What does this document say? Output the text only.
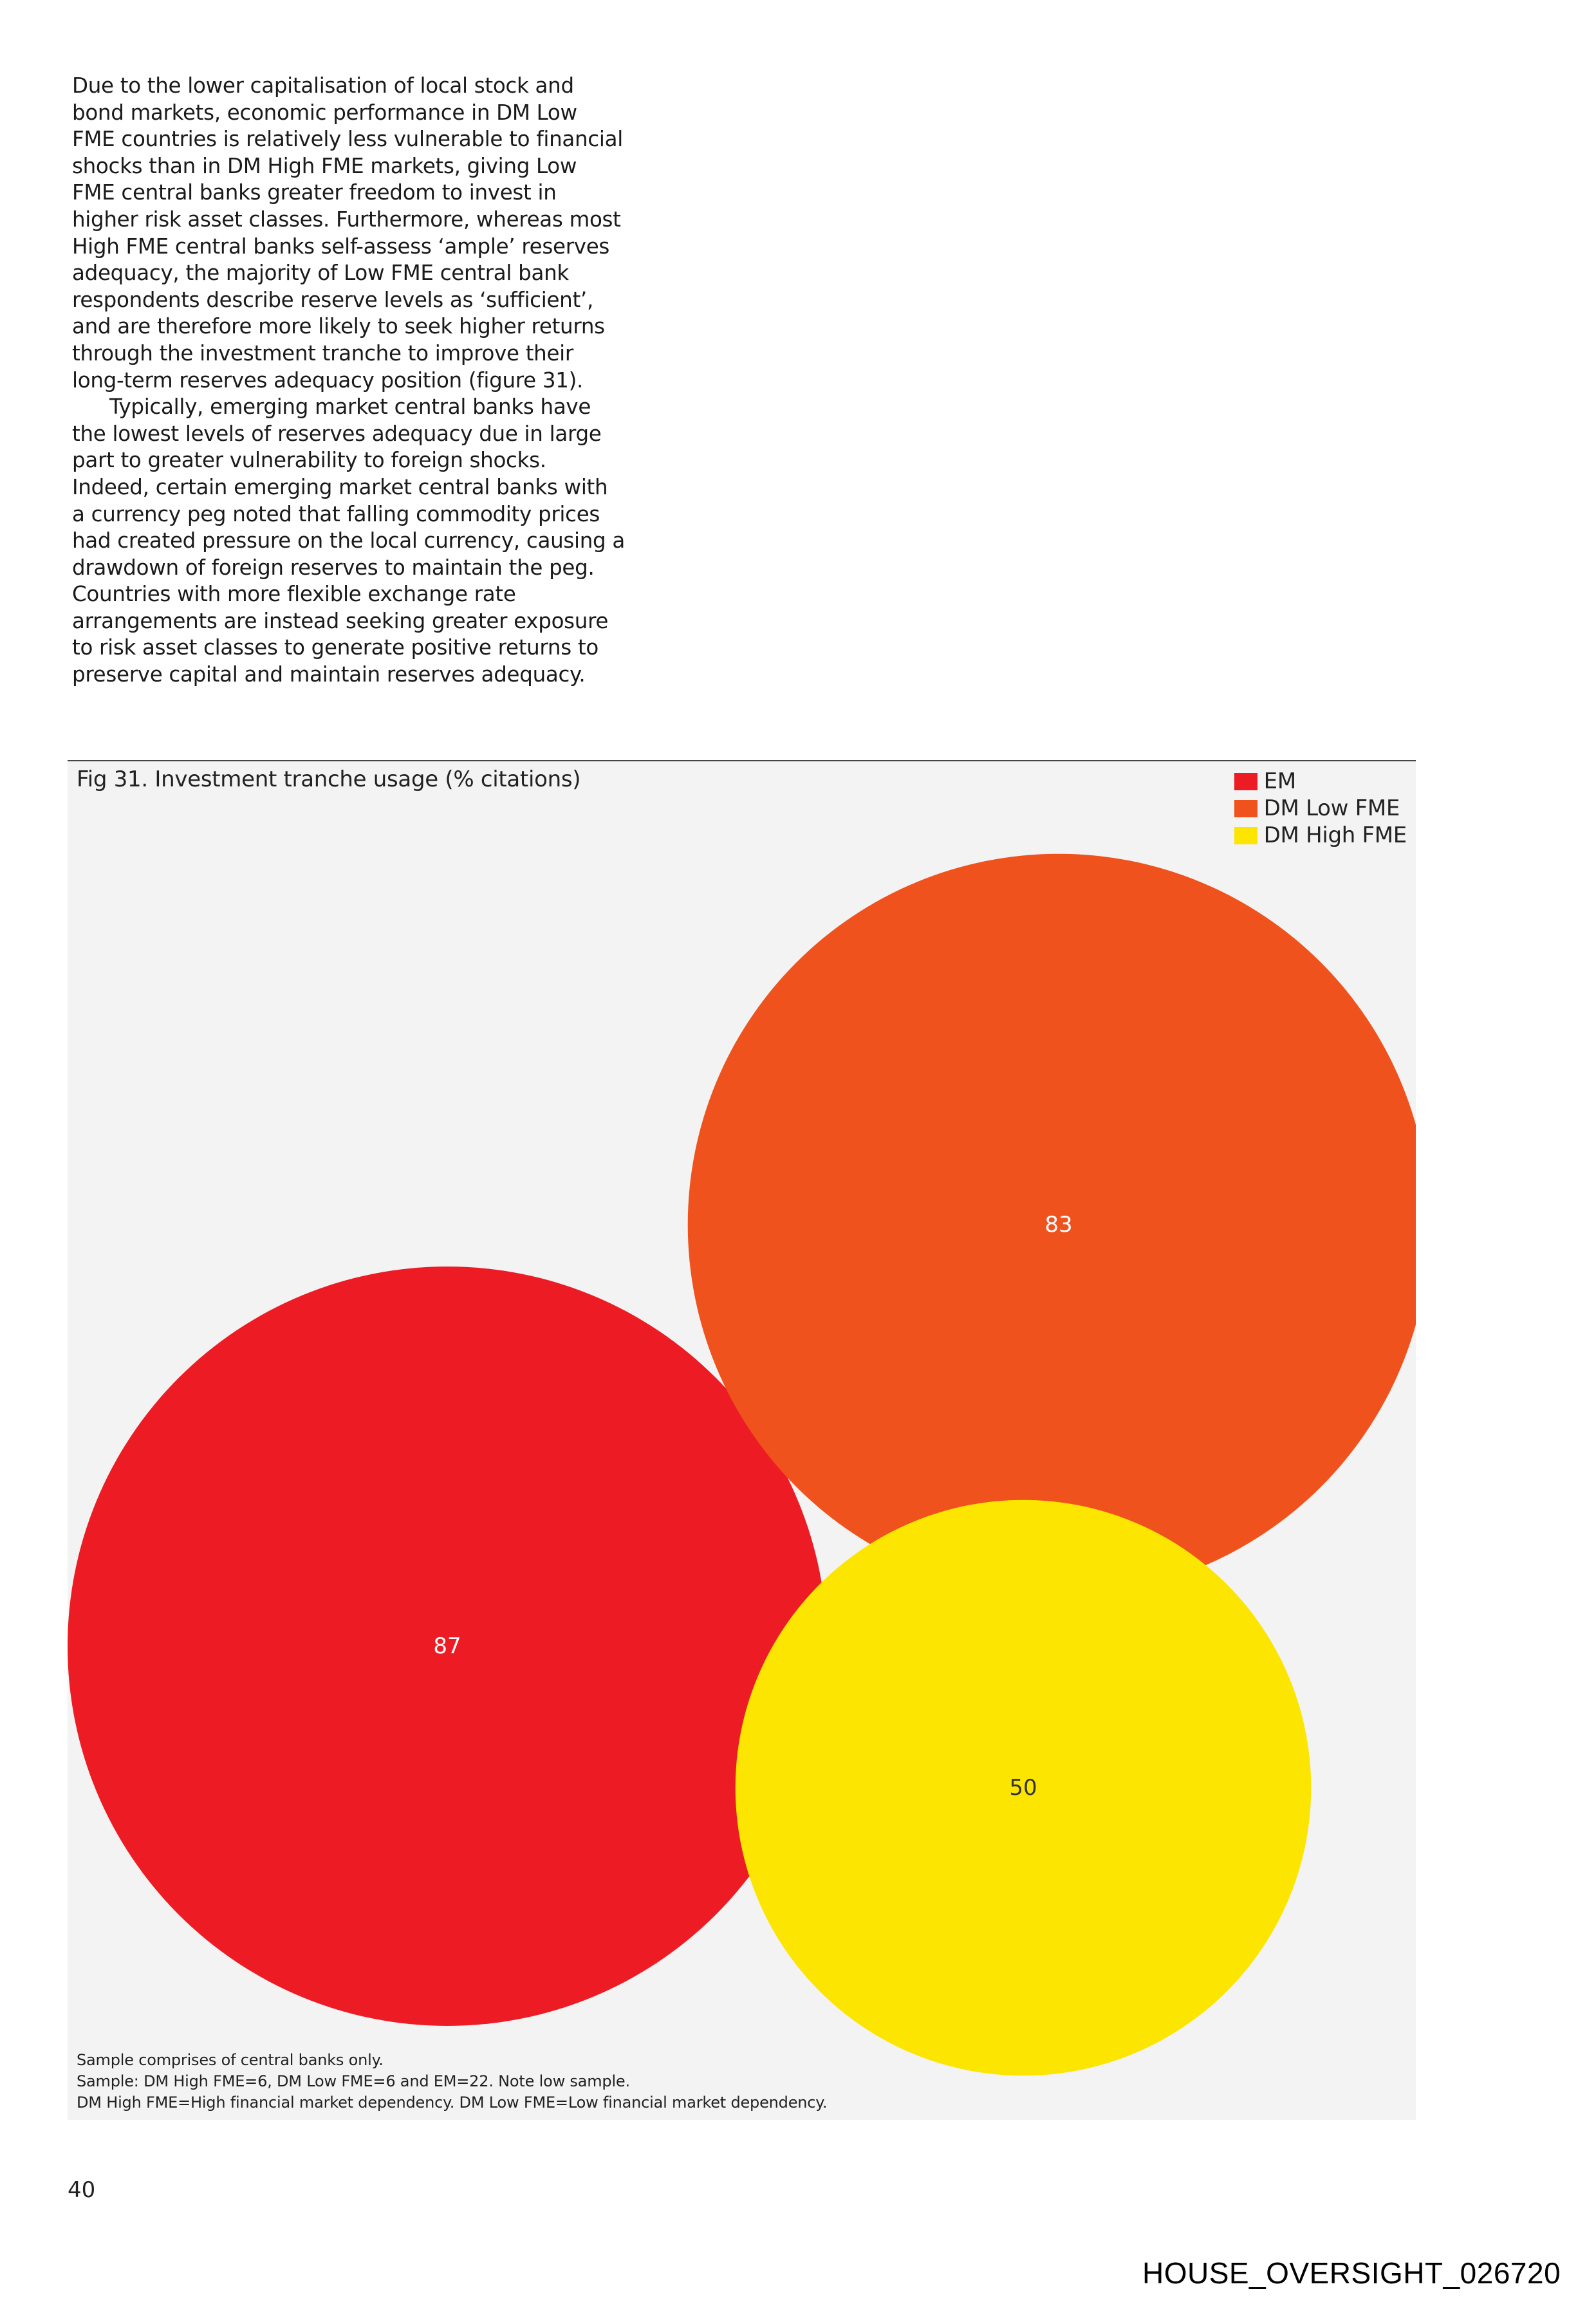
Due to the lower capitalisation of local stock and bond markets, economic performance in DM Low FME countries is relatively less vulnerable to financial shocks than in DM High FME markets, giving Low FME central banks greater freedom to invest in higher risk asset classes. Furthermore, whereas most High FME central banks self-assess ‘ample’ reserves adequacy, the majority of Low FME central bank respondents describe reserve levels as ‘sufficient’, and are therefore more likely to seek higher returns through the investment tranche to improve their long-term reserves adequacy position (figure 31).

Typically, emerging market central banks have the lowest levels of reserves adequacy due in large part to greater vulnerability to foreign shocks. Indeed, certain emerging market central banks with a currency peg noted that falling commodity prices had created pressure on the local currency, causing a drawdown of foreign reserves to maintain the peg. Countries with more flexible exchange rate arrangements are instead seeking greater exposure to risk asset classes to generate positive returns to preserve capital and maintain reserves adequacy.

Fig 31. Investment tranche usage (% citations)	EM
DM Low FME
DM High FME
87
83
50
Sample comprises of central banks only.
Sample: DM High FME=6, DM Low FME=6 and EM=22. Note low sample.
DM High FME=High financial market dependency. DM Low FME=Low financial market dependency.
40
HOUSE_OVERSIGHT_026720
